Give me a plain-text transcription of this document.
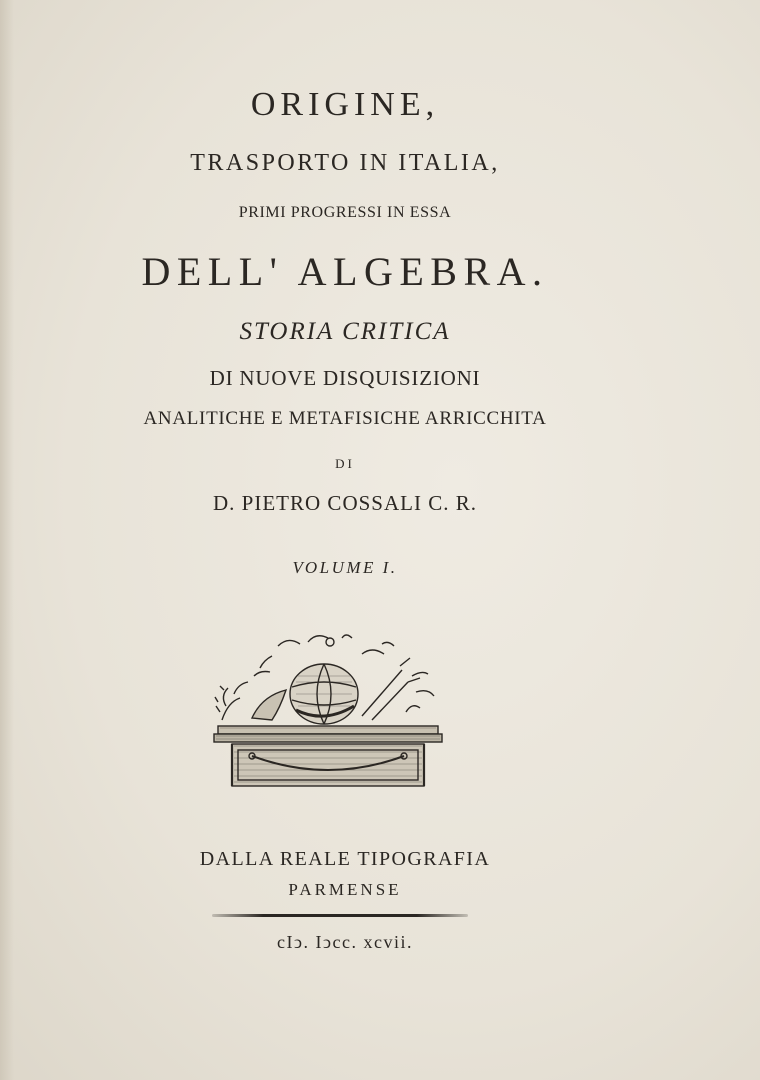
ORIGINE,
TRASPORTO IN ITALIA,
PRIMI PROGRESSI IN ESSA
DELL' ALGEBRA.
STORIA CRITICA
DI NUOVE DISQUISIZIONI
ANALITICHE E METAFISICHE ARRICCHITA
DI
D. PIETRO COSSALI C. R.
VOLUME I.
DALLA REALE TIPOGRAFIA
PARMENSE
cIↄ. Iↄcc. xcvii.
